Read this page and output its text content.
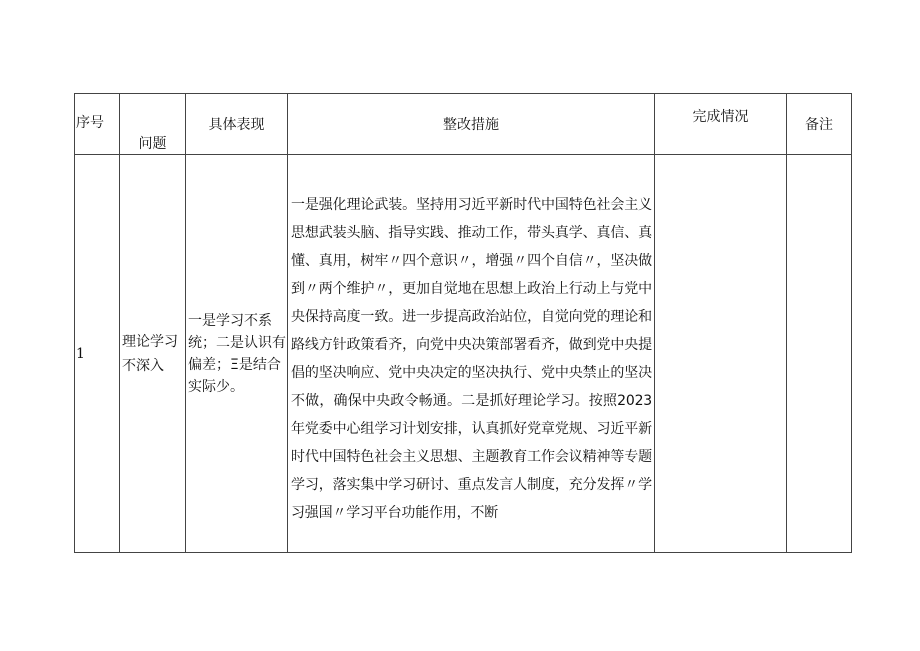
序号	问题	具体表现	整改措施	完成情况	备注
1	理论学习不深入	一是学习不系统；二是认识有偏差；Ξ是结合实际少。	一是强化理论武装。坚持用习近平新时代中国特色社会主义思想武装头脑、指导实践、推动工作，带头真学、真信、真懂、真用，树牢〃四个意识〃，增强〃四个自信〃，坚决做到〃两个维护〃，更加自觉地在思想上政治上行动上与党中央保持高度一致。进一步提高政治站位，自觉向党的理论和路线方针政策看齐，向党中央决策部署看齐，做到党中央提倡的坚决响应、党中央决定的坚决执行、党中央禁止的坚决不做，确保中央政令畅通。二是抓好理论学习。按照2023年党委中心组学习计划安排，认真抓好党章党规、习近平新时代中国特色社会主义思想、主题教育工作会议精神等专题学习，落实集中学习研讨、重点发言人制度，充分发挥〃学习强国〃学习平台功能作用，不断		
